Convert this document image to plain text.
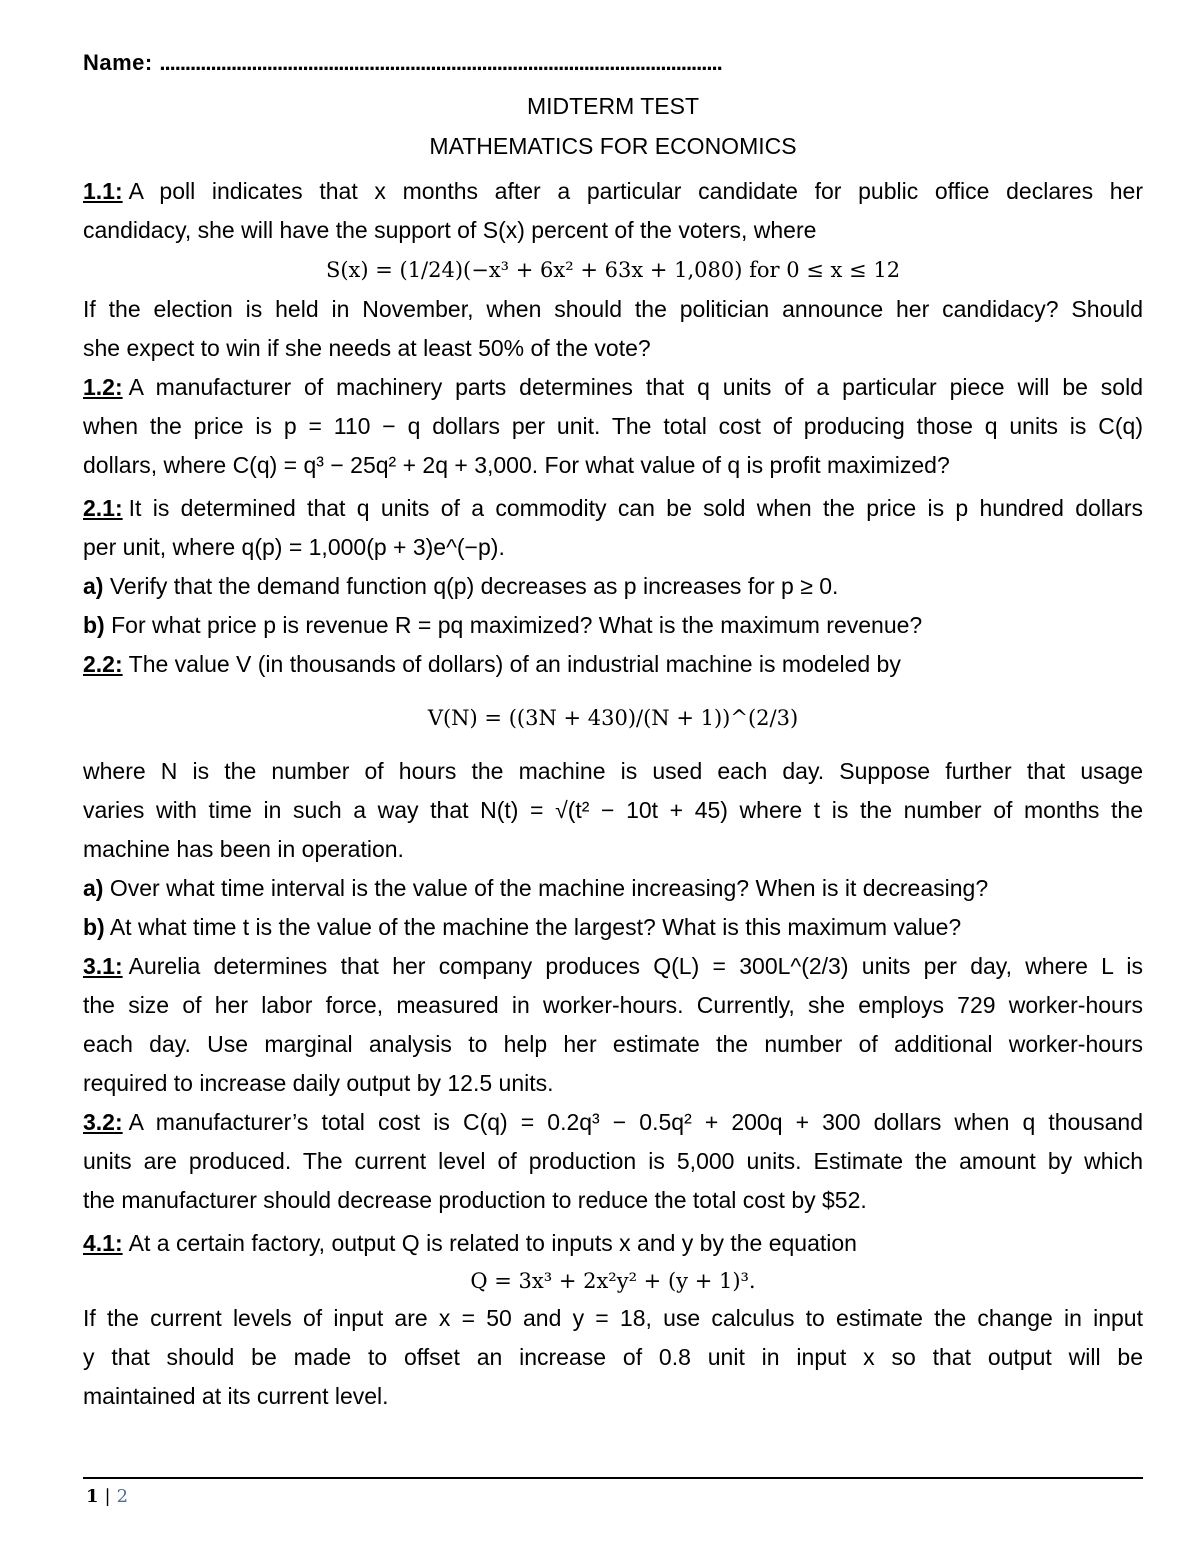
Name: ..............................................................................................................
MIDTERM TEST
MATHEMATICS FOR ECONOMICS
1.1: A poll indicates that x months after a particular candidate for public office declares her
candidacy, she will have the support of S(x) percent of the voters, where
S(x) = (1/24)(−x³ + 6x² + 63x + 1,080) for 0 ≤ x ≤ 12
If the election is held in November, when should the politician announce her candidacy? Should
she expect to win if she needs at least 50% of the vote?
1.2: A manufacturer of machinery parts determines that q units of a particular piece will be sold
when the price is p = 110 − q dollars per unit. The total cost of producing those q units is C(q)
dollars, where C(q) = q³ − 25q² + 2q + 3,000. For what value of q is profit maximized?
2.1: It is determined that q units of a commodity can be sold when the price is p hundred dollars
per unit, where q(p) = 1,000(p + 3)e^(−p).
a) Verify that the demand function q(p) decreases as p increases for p ≥ 0.
b) For what price p is revenue R = pq maximized? What is the maximum revenue?
2.2: The value V (in thousands of dollars) of an industrial machine is modeled by
V(N) = ((3N + 430)/(N + 1))^(2/3)
where N is the number of hours the machine is used each day. Suppose further that usage
varies with time in such a way that N(t) = √(t² − 10t + 45) where t is the number of months the
machine has been in operation.
a) Over what time interval is the value of the machine increasing? When is it decreasing?
b) At what time t is the value of the machine the largest? What is this maximum value?
3.1: Aurelia determines that her company produces Q(L) = 300L^(2/3) units per day, where L is
the size of her labor force, measured in worker-hours. Currently, she employs 729 worker-hours
each day. Use marginal analysis to help her estimate the number of additional worker-hours
required to increase daily output by 12.5 units.
3.2: A manufacturer’s total cost is C(q) = 0.2q³ − 0.5q² + 200q + 300 dollars when q thousand
units are produced. The current level of production is 5,000 units. Estimate the amount by which
the manufacturer should decrease production to reduce the total cost by $52.
4.1: At a certain factory, output Q is related to inputs x and y by the equation
Q = 3x³ + 2x²y² + (y + 1)³.
If the current levels of input are x = 50 and y = 18, use calculus to estimate the change in input
y that should be made to offset an increase of 0.8 unit in input x so that output will be
maintained at its current level.
1 | 2
